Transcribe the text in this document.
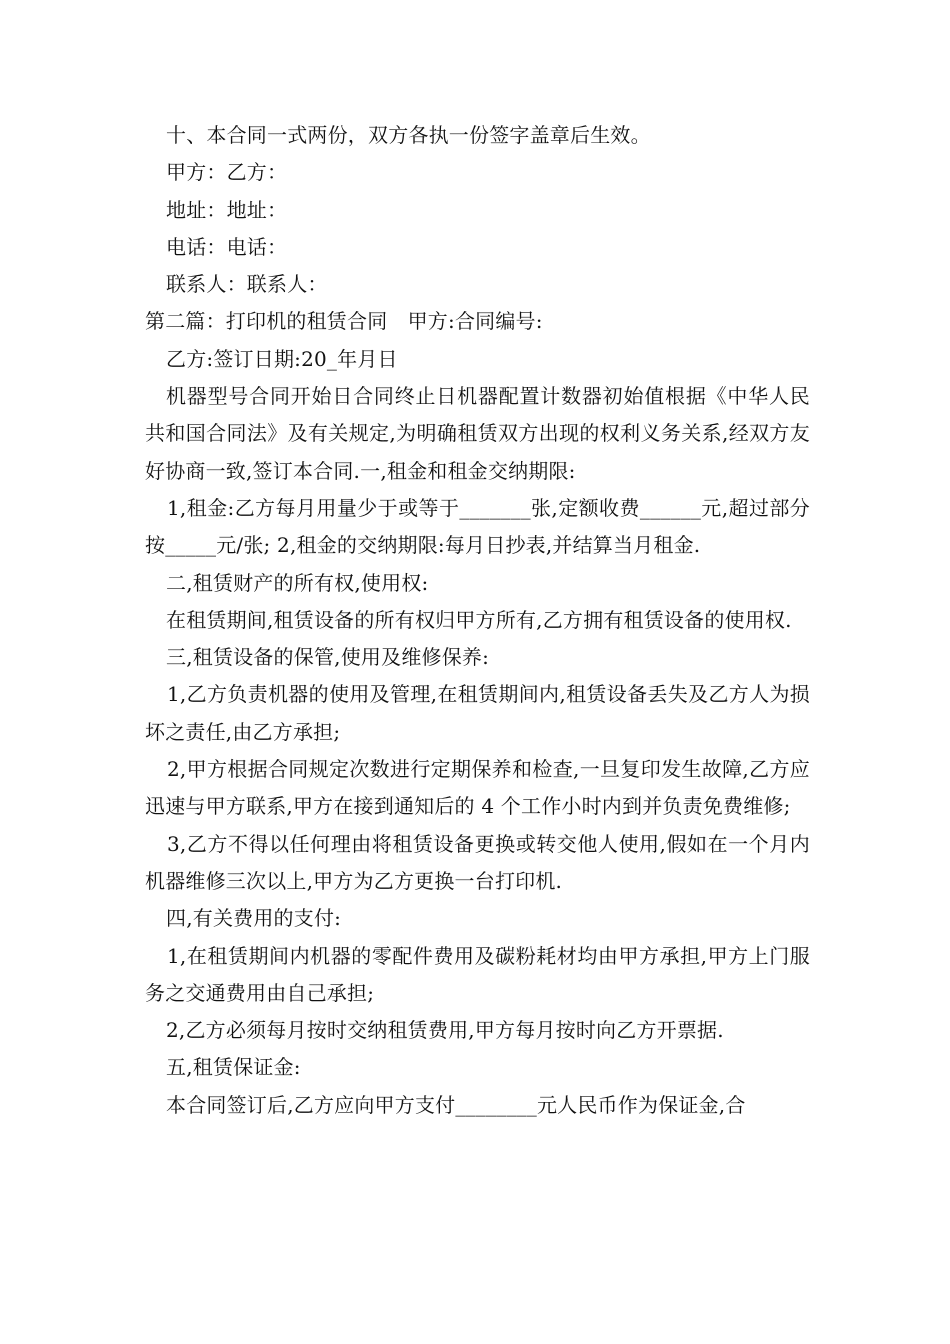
十、本合同一式两份，双方各执一份签字盖章后生效。

甲方：乙方：

地址：地址：

电话：电话：

联系人：联系人：

第二篇：打印机的租赁合同　甲方:合同编号:

乙方:签订日期:20_年月日

机器型号合同开始日合同终止日机器配置计数器初始值根据《中华人民共和国合同法》及有关规定,为明确租赁双方出现的权利义务关系,经双方友好协商一致,签订本合同.一,租金和租金交纳期限:

1,租金:乙方每月用量少于或等于_______张,定额收费______元,超过部分按_____元/张; 2,租金的交纳期限:每月日抄表,并结算当月租金.

二,租赁财产的所有权,使用权:

在租赁期间,租赁设备的所有权归甲方所有,乙方拥有租赁设备的使用权.

三,租赁设备的保管,使用及维修保养:

1,乙方负责机器的使用及管理,在租赁期间内,租赁设备丢失及乙方人为损坏之责任,由乙方承担;

2,甲方根据合同规定次数进行定期保养和检查,一旦复印发生故障,乙方应迅速与甲方联系,甲方在接到通知后的 4 个工作小时内到并负责免费维修;

3,乙方不得以任何理由将租赁设备更换或转交他人使用,假如在一个月内机器维修三次以上,甲方为乙方更换一台打印机.

四,有关费用的支付:

1,在租赁期间内机器的零配件费用及碳粉耗材均由甲方承担,甲方上门服务之交通费用由自己承担;

2,乙方必须每月按时交纳租赁费用,甲方每月按时向乙方开票据.

五,租赁保证金:

本合同签订后,乙方应向甲方支付________元人民币作为保证金,合
